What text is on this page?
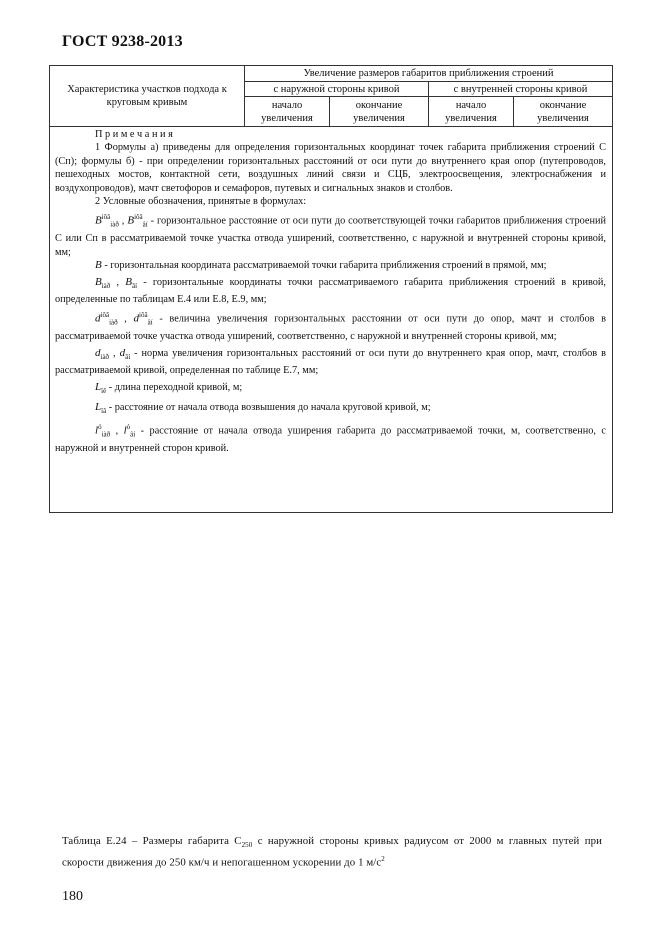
ГОСТ 9238-2013
Характеристика участков подхода к круговым кривым	Увеличение размеров габаритов приближения строений			
	с наружной стороны кривой		с внутренней стороны кривой	
	начало увеличения	окончание увеличения	начало увеличения	окончание увеличения

П р и м е ч а н и я

1 Формулы а) приведены для определения горизонтальных координат точек габарита приближения строений С (Сп); формулы б) - при определении горизонтальных расстояний от оси пути до внутреннего края опор (путепроводов, пешеходных мостов, контактной сети, воздушных линий связи и СЦБ, электроосвещения, электроснабжения и воздухопроводов), мачт светофоров и семафоров, путевых и сигнальных знаков и столбов.

2 Условные обозначения, принятые в формулах:

$B^{іôâ}_{iàð}$ , $B^{іôâ}_{âí}$ - горизонтальное расстояние от оси пути до соответствующей точки габаритов приближения строений С или Сп в рассматриваемой точке участка отвода уширений, соответственно, с наружной и внутренней стороны кривой, мм;

B - горизонтальная координата рассматриваемой точки габарита приближения строений в прямой, мм;

$B_{iàð}$ , $B_{âí}$ - горизонтальные координаты точки рассматриваемого габарита приближения строений в кривой, определенные по таблицам Е.4 или Е.8, Е.9, мм;

$d^{іôâ}_{iàð}$ , $d^{іôâ}_{âí}$ - величина увеличения горизонтальных расстоянии от оси пути до опор, мачт и столбов в рассматриваемой точке участка отвода уширений, соответственно, с наружной и внутренней стороны кривой, мм;

$d_{iàð}$ , $d_{âí}$ - норма увеличения горизонтальных расстояний от оси пути до внутреннего края опор, мачт, столбов в рассматриваемой кривой, определенная по таблице Е.7, мм;

$L_{ïê}$ - длина переходной кривой, м;

$L_{ïâ}$ - расстояние от начала отвода возвышения до начала круговой кривой, м;

$l^ó_{iàð}$ , $l^ó_{âí}$ - расстояние от начала отвода уширения габарита до рассматриваемой точки, м, соответственно, с наружной и внутренней сторон кривой.

Таблица Е.24 – Размеры габарита $С_{250}$ с наружной стороны кривых радиусом от 2000 м главных путей при скорости движения до 250 км/ч и непогашенном ускорении до 1 $м/с^2$
180
